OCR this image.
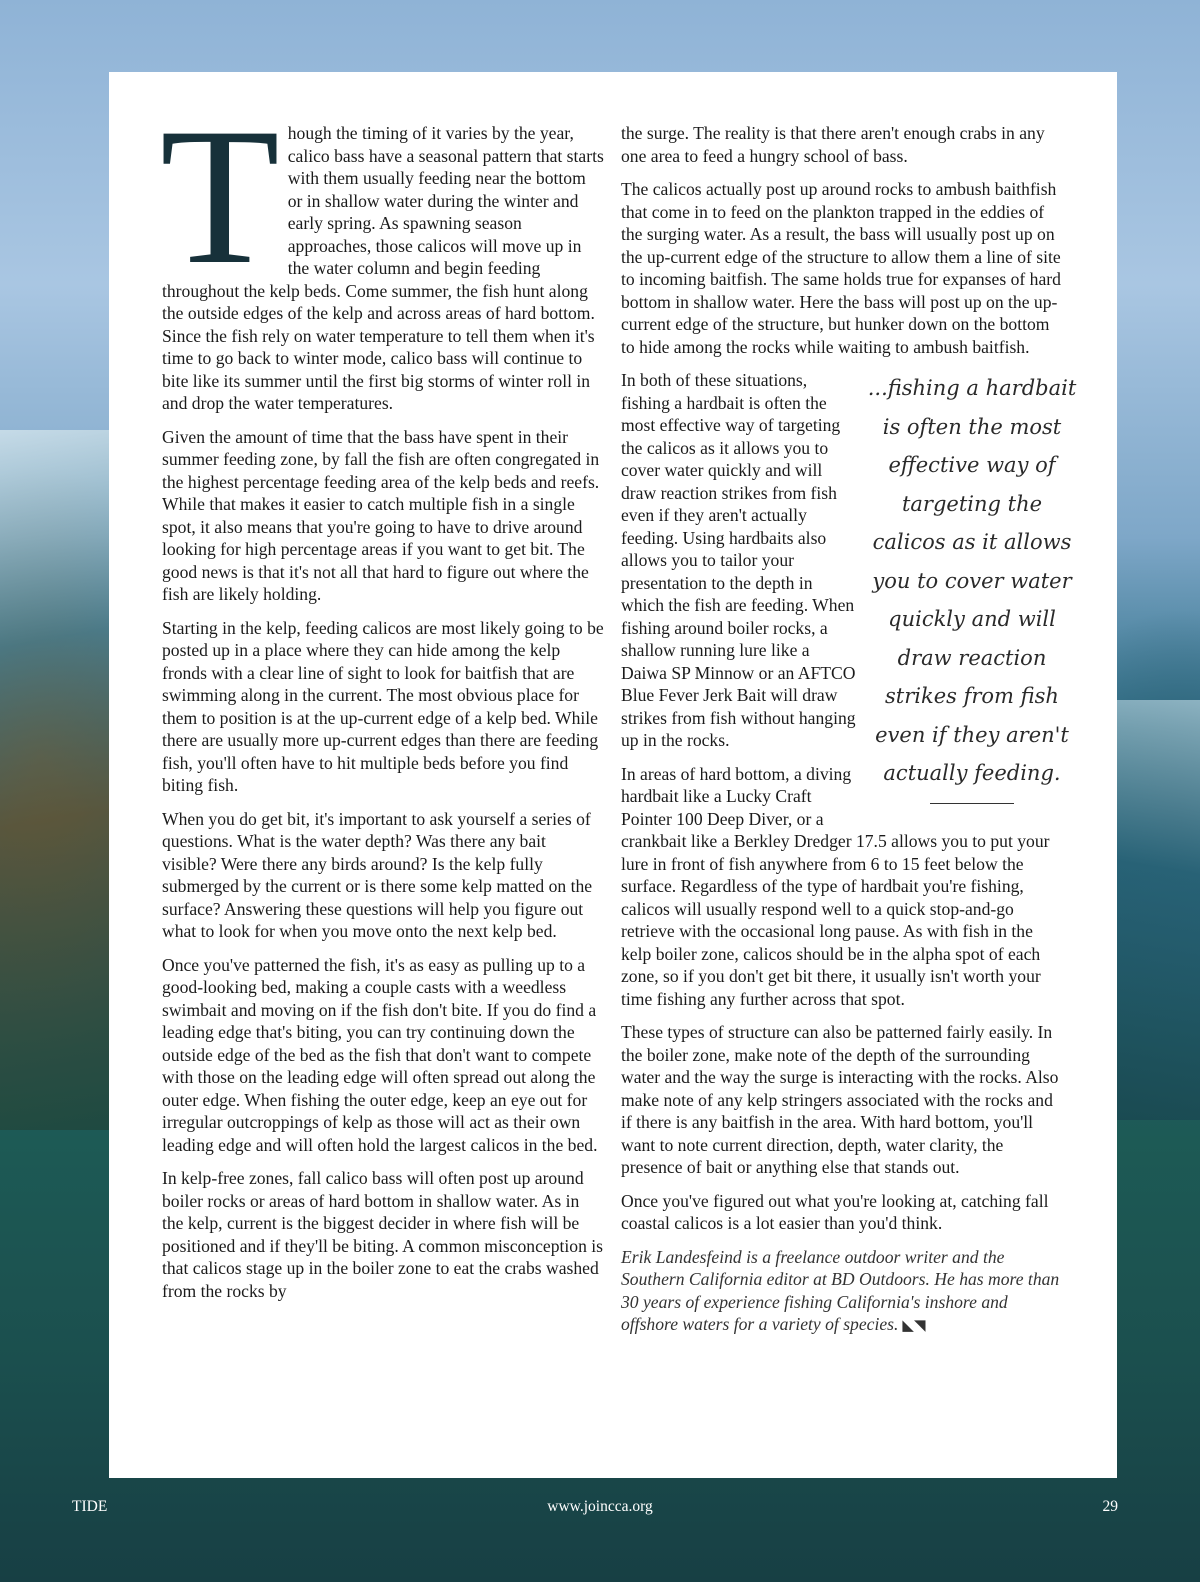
Though the timing of it varies by the year, calico bass have a seasonal pattern that starts with them usually feeding near the bottom or in shallow water during the winter and early spring. As spawning season approaches, those calicos will move up in the water column and begin feeding throughout the kelp beds. Come summer, the fish hunt along the outside edges of the kelp and across areas of hard bottom. Since the fish rely on water temperature to tell them when it's time to go back to winter mode, calico bass will continue to bite like its summer until the first big storms of winter roll in and drop the water temperatures.

Given the amount of time that the bass have spent in their summer feeding zone, by fall the fish are often congregated in the highest percentage feeding area of the kelp beds and reefs. While that makes it easier to catch multiple fish in a single spot, it also means that you're going to have to drive around looking for high percentage areas if you want to get bit. The good news is that it's not all that hard to figure out where the fish are likely holding.

Starting in the kelp, feeding calicos are most likely going to be posted up in a place where they can hide among the kelp fronds with a clear line of sight to look for baitfish that are swimming along in the current. The most obvious place for them to position is at the up-current edge of a kelp bed. While there are usually more up-current edges than there are feeding fish, you'll often have to hit multiple beds before you find biting fish.

When you do get bit, it's important to ask yourself a series of questions. What is the water depth? Was there any bait visible? Were there any birds around? Is the kelp fully submerged by the current or is there some kelp matted on the surface? Answering these questions will help you figure out what to look for when you move onto the next kelp bed.

Once you've patterned the fish, it's as easy as pulling up to a good-looking bed, making a couple casts with a weedless swimbait and moving on if the fish don't bite. If you do find a leading edge that's biting, you can try continuing down the outside edge of the bed as the fish that don't want to compete with those on the leading edge will often spread out along the outer edge. When fishing the outer edge, keep an eye out for irregular outcroppings of kelp as those will act as their own leading edge and will often hold the largest calicos in the bed.

In kelp-free zones, fall calico bass will often post up around boiler rocks or areas of hard bottom in shallow water. As in the kelp, current is the biggest decider in where fish will be positioned and if they'll be biting. A common misconception is that calicos stage up in the boiler zone to eat the crabs washed from the rocks by

the surge. The reality is that there aren't enough crabs in any one area to feed a hungry school of bass.

The calicos actually post up around rocks to ambush baithfish that come in to feed on the plankton trapped in the eddies of the surging water. As a result, the bass will usually post up on the up-current edge of the structure to allow them a line of site to incoming baitfish. The same holds true for expanses of hard bottom in shallow water. Here the bass will post up on the up-current edge of the structure, but hunker down on the bottom to hide among the rocks while waiting to ambush baitfish.

...fishing a hardbait is often the most effective way of targeting the calicos as it allows you to cover water quickly and will draw reaction strikes from fish even if they aren't actually feeding.

In both of these situations, fishing a hardbait is often the most effective way of targeting the calicos as it allows you to cover water quickly and will draw reaction strikes from fish even if they aren't actually feeding. Using hardbaits also allows you to tailor your presentation to the depth in which the fish are feeding. When fishing around boiler rocks, a shallow running lure like a Daiwa SP Minnow or an AFTCO Blue Fever Jerk Bait will draw strikes from fish without hanging up in the rocks.

In areas of hard bottom, a diving hardbait like a Lucky Craft Pointer 100 Deep Diver, or a crankbait like a Berkley Dredger 17.5 allows you to put your lure in front of fish anywhere from 6 to 15 feet below the surface. Regardless of the type of hardbait you're fishing, calicos will usually respond well to a quick stop-and-go retrieve with the occasional long pause. As with fish in the kelp boiler zone, calicos should be in the alpha spot of each zone, so if you don't get bit there, it usually isn't worth your time fishing any further across that spot.

These types of structure can also be patterned fairly easily. In the boiler zone, make note of the depth of the surrounding water and the way the surge is interacting with the rocks. Also make note of any kelp stringers associated with the rocks and if there is any baitfish in the area. With hard bottom, you'll want to note current direction, depth, water clarity, the presence of bait or anything else that stands out.

Once you've figured out what you're looking at, catching fall coastal calicos is a lot easier than you'd think.

Erik Landesfeind is a freelance outdoor writer and the Southern California editor at BD Outdoors. He has more than 30 years of experience fishing California's inshore and offshore waters for a variety of species. ◣◥

TIDE	www.joincca.org	29
